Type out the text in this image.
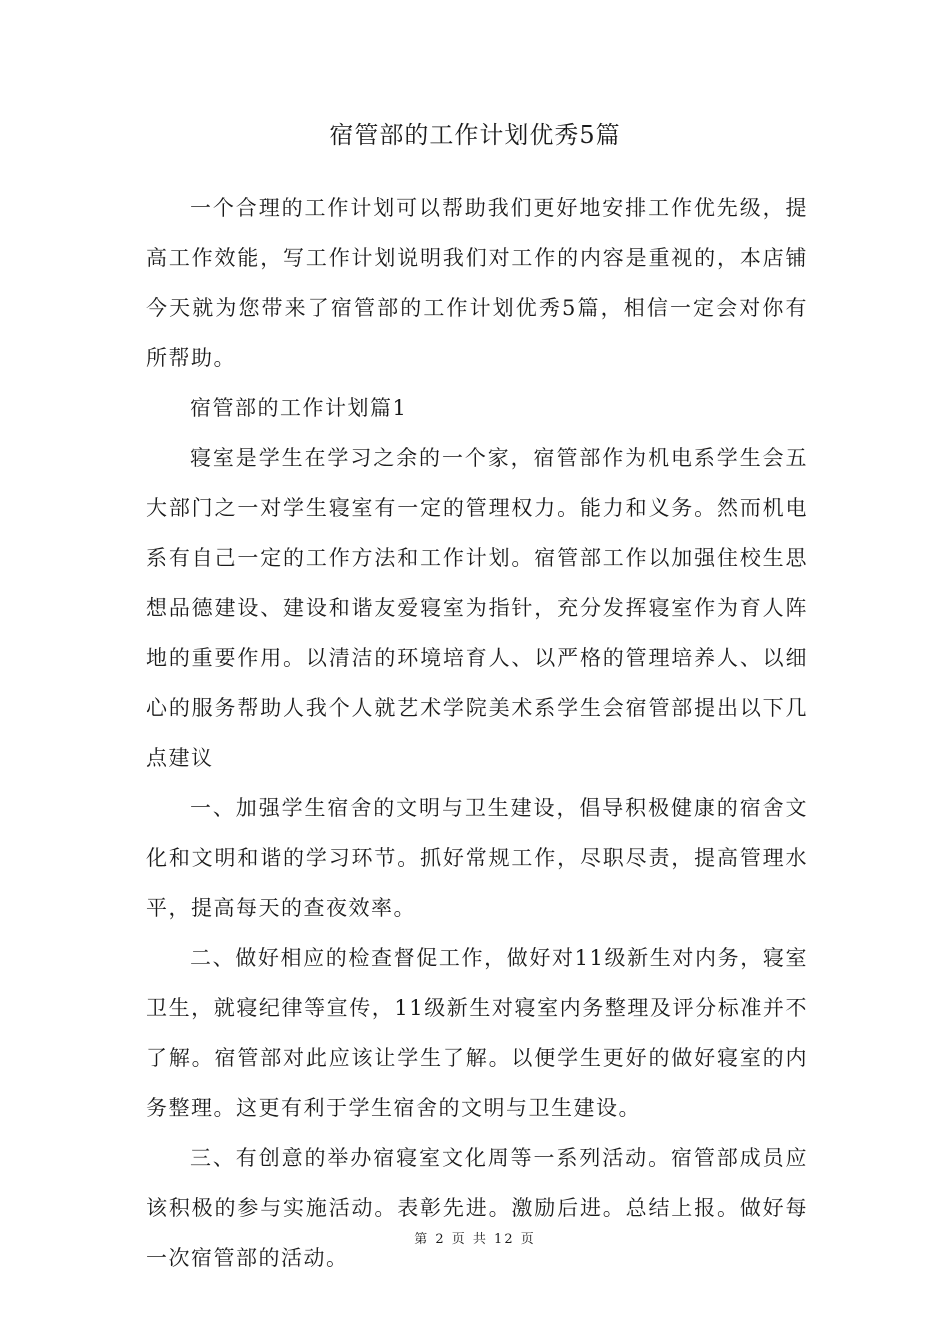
宿管部的工作计划优秀5篇

一个合理的工作计划可以帮助我们更好地安排工作优先级，提高工作效能，写工作计划说明我们对工作的内容是重视的，本店铺今天就为您带来了宿管部的工作计划优秀5篇，相信一定会对你有所帮助。

宿管部的工作计划篇1

寝室是学生在学习之余的一个家，宿管部作为机电系学生会五大部门之一对学生寝室有一定的管理权力。能力和义务。然而机电系有自己一定的工作方法和工作计划。宿管部工作以加强住校生思想品德建设、建设和谐友爱寝室为指针，充分发挥寝室作为育人阵地的重要作用。以清洁的环境培育人、以严格的管理培养人、以细心的服务帮助人我个人就艺术学院美术系学生会宿管部提出以下几点建议

一、加强学生宿舍的文明与卫生建设，倡导积极健康的宿舍文化和文明和谐的学习环节。抓好常规工作，尽职尽责，提高管理水平，提高每天的查夜效率。

二、做好相应的检查督促工作，做好对11级新生对内务，寝室卫生，就寝纪律等宣传，11级新生对寝室内务整理及评分标准并不了解。宿管部对此应该让学生了解。以便学生更好的做好寝室的内务整理。这更有利于学生宿舍的文明与卫生建设。

三、有创意的举办宿寝室文化周等一系列活动。宿管部成员应该积极的参与实施活动。表彰先进。激励后进。总结上报。做好每一次宿管部的活动。

第 2 页 共 12 页
